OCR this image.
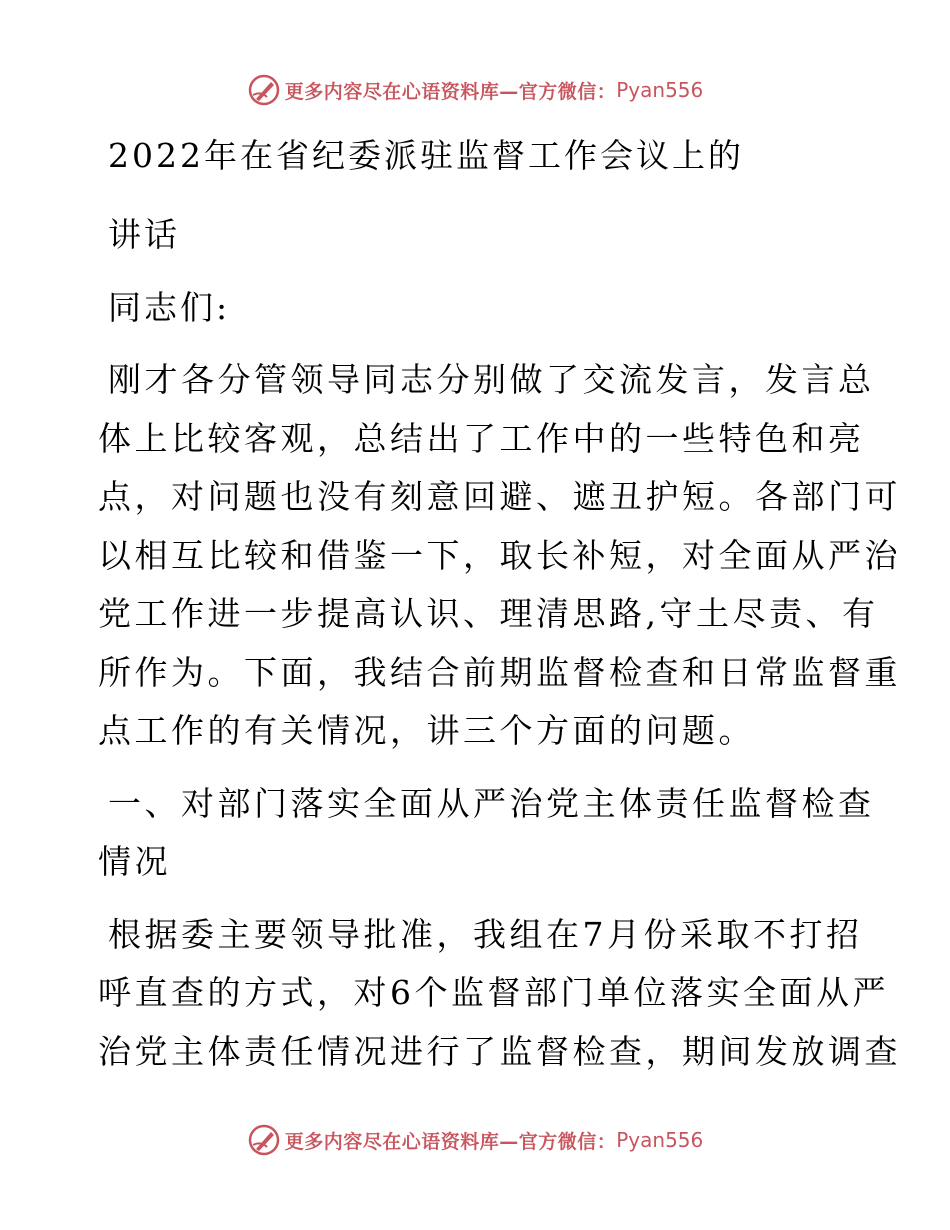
更多内容尽在心语资料库—官方微信： Pyan556
2022年在省纪委派驻监督工作会议上的
讲话
同志们:
刚才各分管领导同志分别做了交流发言，发言总
体上比较客观，总结出了工作中的一些特色和亮
点，对问题也没有刻意回避、遮丑护短。各部门可
以相互比较和借鉴一下，取长补短，对全面从严治
党工作进一步提高认识、理清思路,守土尽责、有
所作为。下面，我结合前期监督检查和日常监督重
点工作的有关情况，讲三个方面的问题。
一、对部门落实全面从严治党主体责任监督检查
情况
根据委主要领导批准，我组在7月份采取不打招
呼直查的方式，对6个监督部门单位落实全面从严
治党主体责任情况进行了监督检查，期间发放调查
更多内容尽在心语资料库—官方微信： Pyan556
